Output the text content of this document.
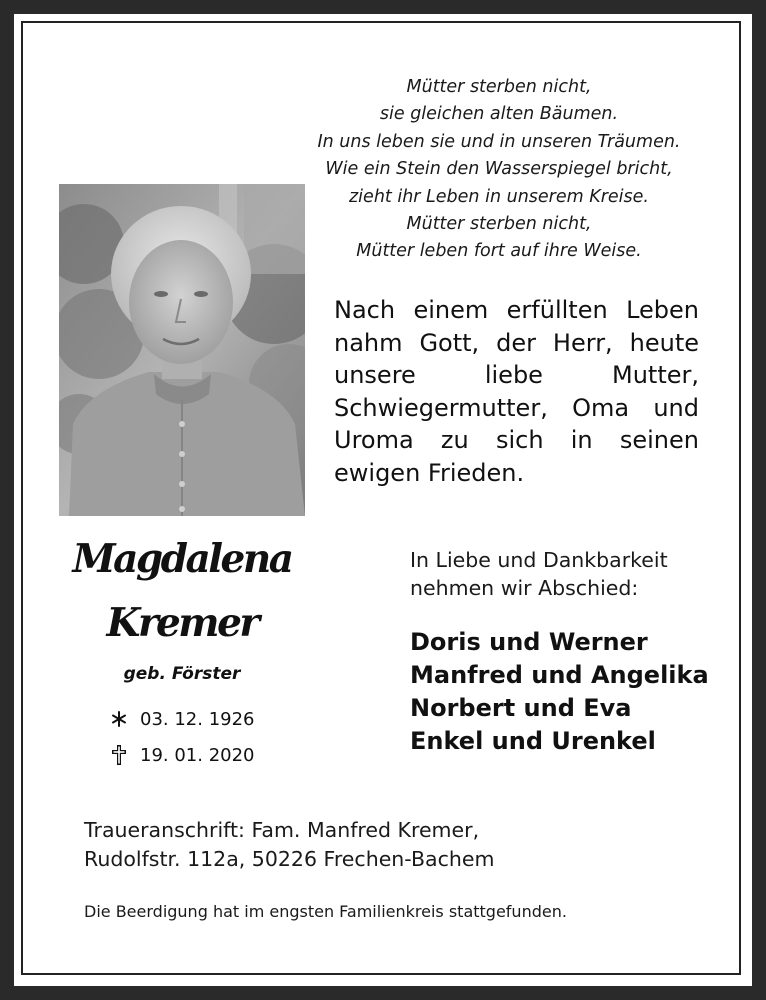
Mütter sterben nicht,
sie gleichen alten Bäumen.
In uns leben sie und in unseren Träumen.
Wie ein Stein den Wasserspiegel bricht,
zieht ihr Leben in unserem Kreise.
Mütter sterben nicht,
Mütter leben fort auf ihre Weise.
Nach einem erfüllten Leben
nahm Gott, der Herr, heute
unsere liebe Mutter,
Schwiegermutter, Oma und
Uroma zu sich in seinen
ewigen Frieden.
Magdalena
Kremer
geb. Förster
03. 12. 1926
19. 01. 2020
In Liebe und Dankbarkeit
nehmen wir Abschied:
Doris und Werner
Manfred und Angelika
Norbert und Eva
Enkel und Urenkel
Traueranschrift: Fam. Manfred Kremer,
Rudolfstr. 112a, 50226 Frechen-Bachem
Die Beerdigung hat im engsten Familienkreis stattgefunden.
